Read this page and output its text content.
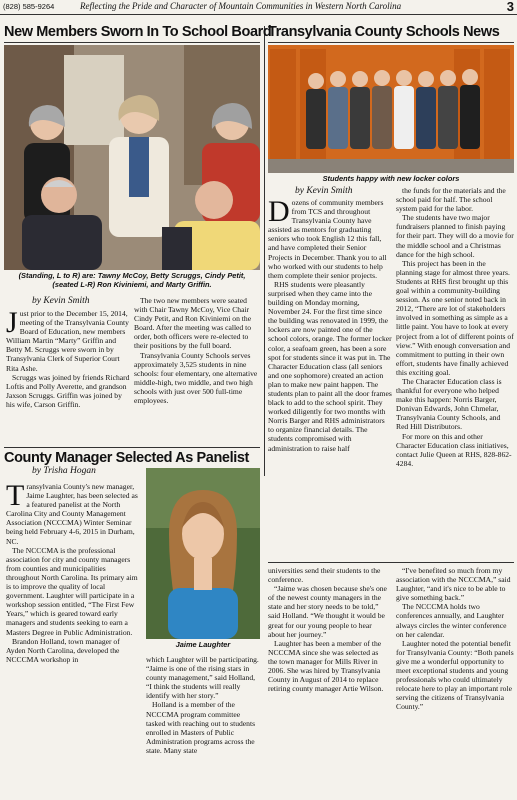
(828) 585-9264	Reflecting the Pride and Character of Mountain Communities in Western North Carolina	3
New Members Sworn In To School Board
(Standing, L to R) are: Tawny McCoy, Betty Scruggs, Cindy Petit, (seated L-R) Ron Kiviniemi, and Marty Griffin.
by Kevin Smith
J ust prior to the December 15, 2014, meeting of the Transylvania County Board of Education, new members William Martin “Marty” Griffin and Betty M. Scruggs were sworn in by Transylvania Clerk of Superior Court Rita Ashe.

Scruggs was joined by friends Richard Loftis and Polly Averette, and grandson Jaxson Scruggs. Griffin was joined by his wife, Carson Griffin.

The two new members were seated with Chair Tawny McCoy, Vice Chair Cindy Petit, and Ron Kiviniemi on the Board. After the meeting was called to order, both officers were re-elected to their positions by the full board.

Transylvania County Schools serves approximately 3,525 students in nine schools: four elementary, one alternative middle-high, two middle, and two high schools with just over 500 full-time employees.

Transylvania County Schools News
Students happy with new locker colors
by Kevin Smith
D ozens of community members from TCS and throughout Transylvania County have assisted as mentors for graduating seniors who took English 12 this fall, and have completed their Senior Projects in December. Thank you to all who worked with our students to help them complete their senior projects.

RHS students were pleasantly surprised when they came into the building on Monday morning, November 24. For the first time since the building was renovated in 1999, the lockers are now painted one of the school colors, orange. The former locker color, a seafoam green, has been a sore spot for students since it was put in. The Character Education class (all seniors and one sophomore) created an action plan to make new paint happen. The students plan to paint all the door frames black to add to the school spirit. They worked diligently for two months with Norris Barger and RHS administrators to organize financial details. The students compromised with administration to raise half

the funds for the materials and the school paid for half. The school system paid for the labor.

The students have two major fundraisers planned to finish paying for their part. They will do a movie for the middle school and a Christmas dance for the high school.

This project has been in the planning stage for almost three years. Students at RHS first brought up this goal within a community-building session. As one senior noted back in 2012, “There are lot of stakeholders involved in something as simple as a little paint. You have to look at every project from a lot of different points of view.” With enough conversation and commitment to putting in their own effort, students have finally achieved this exciting goal.

The Character Education class is thankful for everyone who helped make this happen: Norris Barger, Donivan Edwards, John Chmelar, Transylvania County Schools, and Red Hill Distributors.

For more on this and other Character Education class initiatives, contact Julie Queen at RHS, 828-862-4284.

County Manager Selected As Panelist
by Trisha Hogan
T ransylvania County's new manager, Jaime Laughter, has been selected as a featured panelist at the North Carolina City and County Management Association (NCCCMA) Winter Seminar being held February 4-6, 2015 in Durham, NC.

The NCCCMA is the professional association for city and county managers from counties and municipalities throughout North Carolina. Its primary aim is to improve the quality of local government. Laughter will participate in a workshop session entitled, “The First Few Years,” which is geared toward early managers and students seeking to earn a Masters Degree in Public Administration.

Brandon Holland, town manager of Ayden North Carolina, developed the NCCCMA workshop in

Jaime Laughter

which Laughter will be participating. “Jaime is one of the rising stars in county management,” said Holland, “I think the students will really identify with her story.”

Holland is a member of the NCCCMA program committee tasked with reaching out to students enrolled in Masters of Public Administration programs across the state. Many state

universities send their students to the conference.

“Jaime was chosen because she's one of the newest county managers in the state and her story needs to be told,” said Holland. “We thought it would be great for our young people to hear about her journey.”

Laughter has been a member of the NCCCMA since she was selected as the town manager for Mills River in 2006. She was hired by Transylvania County in August of 2014 to replace retiring county manager Artie Wilson.

“I've benefited so much from my association with the NCCCMA,” said Laughter, “and it's nice to be able to give something back.”

The NCCCMA holds two conferences annually, and Laughter always circles the winter conference on her calendar.

Laughter noted the potential benefit for Transylvania County: “Both panels give me a wonderful opportunity to meet exceptional students and young professionals who could ultimately relocate here to play an important role serving the citizens of Transylvania County.”
